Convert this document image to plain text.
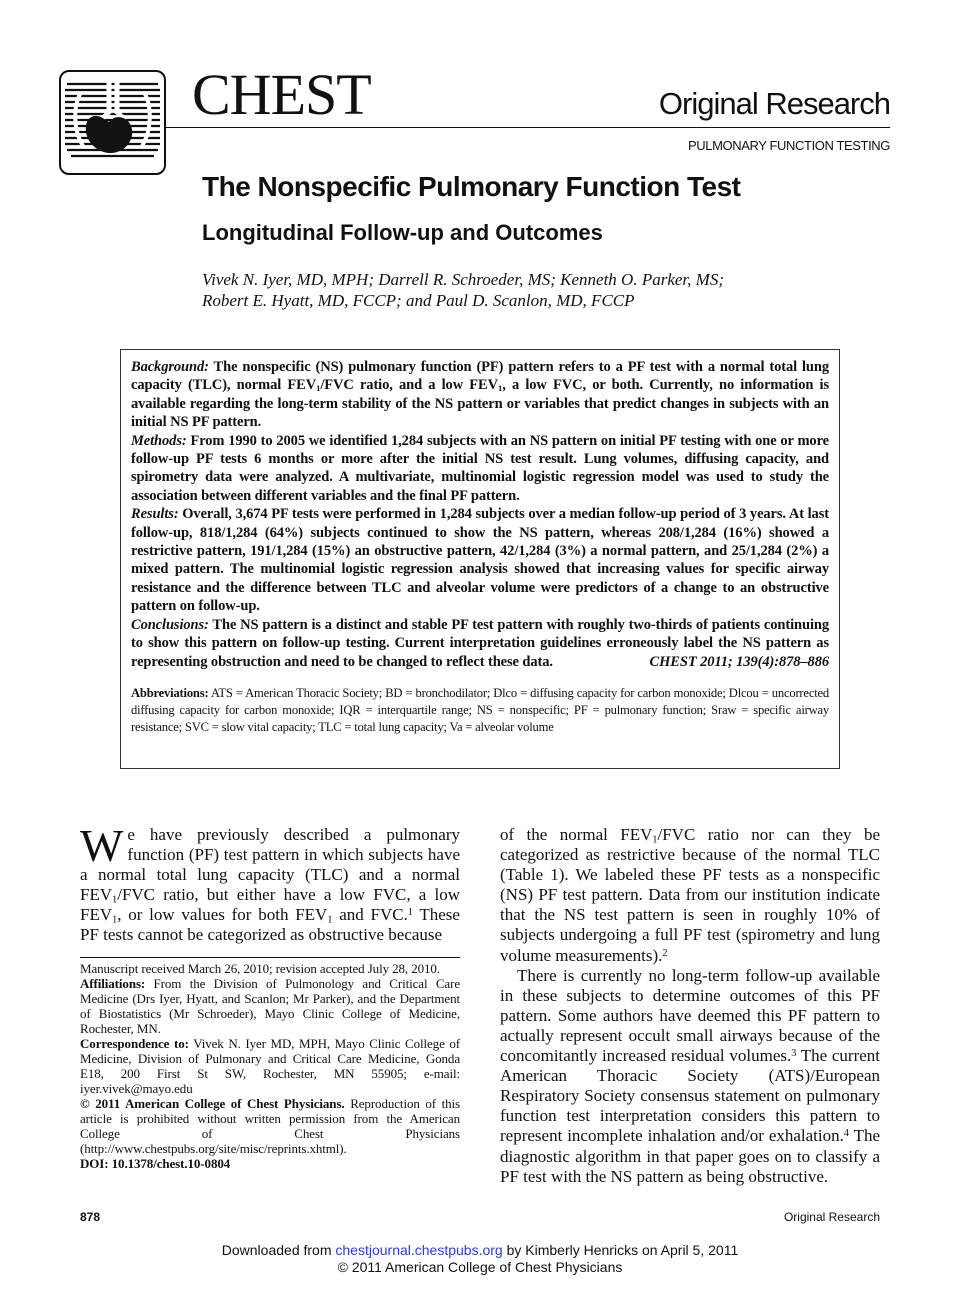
CHEST	Original Research
PULMONARY FUNCTION TESTING
The Nonspecific Pulmonary Function Test
Longitudinal Follow-up and Outcomes
Vivek N. Iyer, MD, MPH; Darrell R. Schroeder, MS; Kenneth O. Parker, MS;
Robert E. Hyatt, MD, FCCP; and Paul D. Scanlon, MD, FCCP
Background: The nonspecific (NS) pulmonary function (PF) pattern refers to a PF test with a normal total lung capacity (TLC), normal $FEV_1$/FVC ratio, and a low $FEV_1$, a low FVC, or both. Currently, no information is available regarding the long-term stability of the NS pattern or variables that predict changes in subjects with an initial NS PF pattern.
Methods: From 1990 to 2005 we identified 1,284 subjects with an NS pattern on initial PF testing with one or more follow-up PF tests 6 months or more after the initial NS test result. Lung volumes, diffusing capacity, and spirometry data were analyzed. A multivariate, multinomial logistic regression model was used to study the association between different variables and the final PF pattern.
Results: Overall, 3,674 PF tests were performed in 1,284 subjects over a median follow-up period of 3 years. At last follow-up, 818/1,284 (64%) subjects continued to show the NS pattern, whereas 208/1,284 (16%) showed a restrictive pattern, 191/1,284 (15%) an obstructive pattern, 42/1,284 (3%) a normal pattern, and 25/1,284 (2%) a mixed pattern. The multinomial logistic regression analysis showed that increasing values for specific airway resistance and the difference between TLC and alveolar volume were predictors of a change to an obstructive pattern on follow-up.
Conclusions: The NS pattern is a distinct and stable PF test pattern with roughly two-thirds of patients continuing to show this pattern on follow-up testing. Current interpretation guidelines erroneously label the NS pattern as representing obstruction and need to be changed to reflect these data.	CHEST 2011; 139(4):878–886
Abbreviations: ATS = American Thoracic Society; BD = bronchodilator; Dlco = diffusing capacity for carbon monoxide; Dlcou = uncorrected diffusing capacity for carbon monoxide; IQR = interquartile range; NS = nonspecific; PF = pulmonary function; Sraw = specific airway resistance; SVC = slow vital capacity; TLC = total lung capacity; Va = alveolar volume

We have previously described a pulmonary function (PF) test pattern in which subjects have a normal total lung capacity (TLC) and a normal $FEV_1$/FVC ratio, but either have a low FVC, a low $FEV_1$, or low values for both $FEV_1$ and FVC.$^1$ These PF tests cannot be categorized as obstructive because

Manuscript received March 26, 2010; revision accepted July 28, 2010.

Affiliations: From the Division of Pulmonology and Critical Care Medicine (Drs Iyer, Hyatt, and Scanlon; Mr Parker), and the Department of Biostatistics (Mr Schroeder), Mayo Clinic College of Medicine, Rochester, MN.

Correspondence to: Vivek N. Iyer MD, MPH, Mayo Clinic College of Medicine, Division of Pulmonary and Critical Care Medicine, Gonda E18, 200 First St SW, Rochester, MN 55905; e-mail: iyer.vivek@mayo.edu

© 2011 American College of Chest Physicians. Reproduction of this article is prohibited without written permission from the American College of Chest Physicians (http://www.chestpubs.org/site/misc/reprints.xhtml).

DOI: 10.1378/chest.10-0804

of the normal $FEV_1$/FVC ratio nor can they be categorized as restrictive because of the normal TLC (Table 1). We labeled these PF tests as a nonspecific (NS) PF test pattern. Data from our institution indicate that the NS test pattern is seen in roughly 10% of subjects undergoing a full PF test (spirometry and lung volume measurements).$^2$

There is currently no long-term follow-up available in these subjects to determine outcomes of this PF pattern. Some authors have deemed this PF pattern to actually represent occult small airways because of the concomitantly increased residual volumes.$^3$ The current American Thoracic Society (ATS)/European Respiratory Society consensus statement on pulmonary function test interpretation considers this pattern to represent incomplete inhalation and/or exhalation.$^4$ The diagnostic algorithm in that paper goes on to classify a PF test with the NS pattern as being obstructive.

878	Original Research
Downloaded from chestjournal.chestpubs.org by Kimberly Henricks on April 5, 2011
© 2011 American College of Chest Physicians
